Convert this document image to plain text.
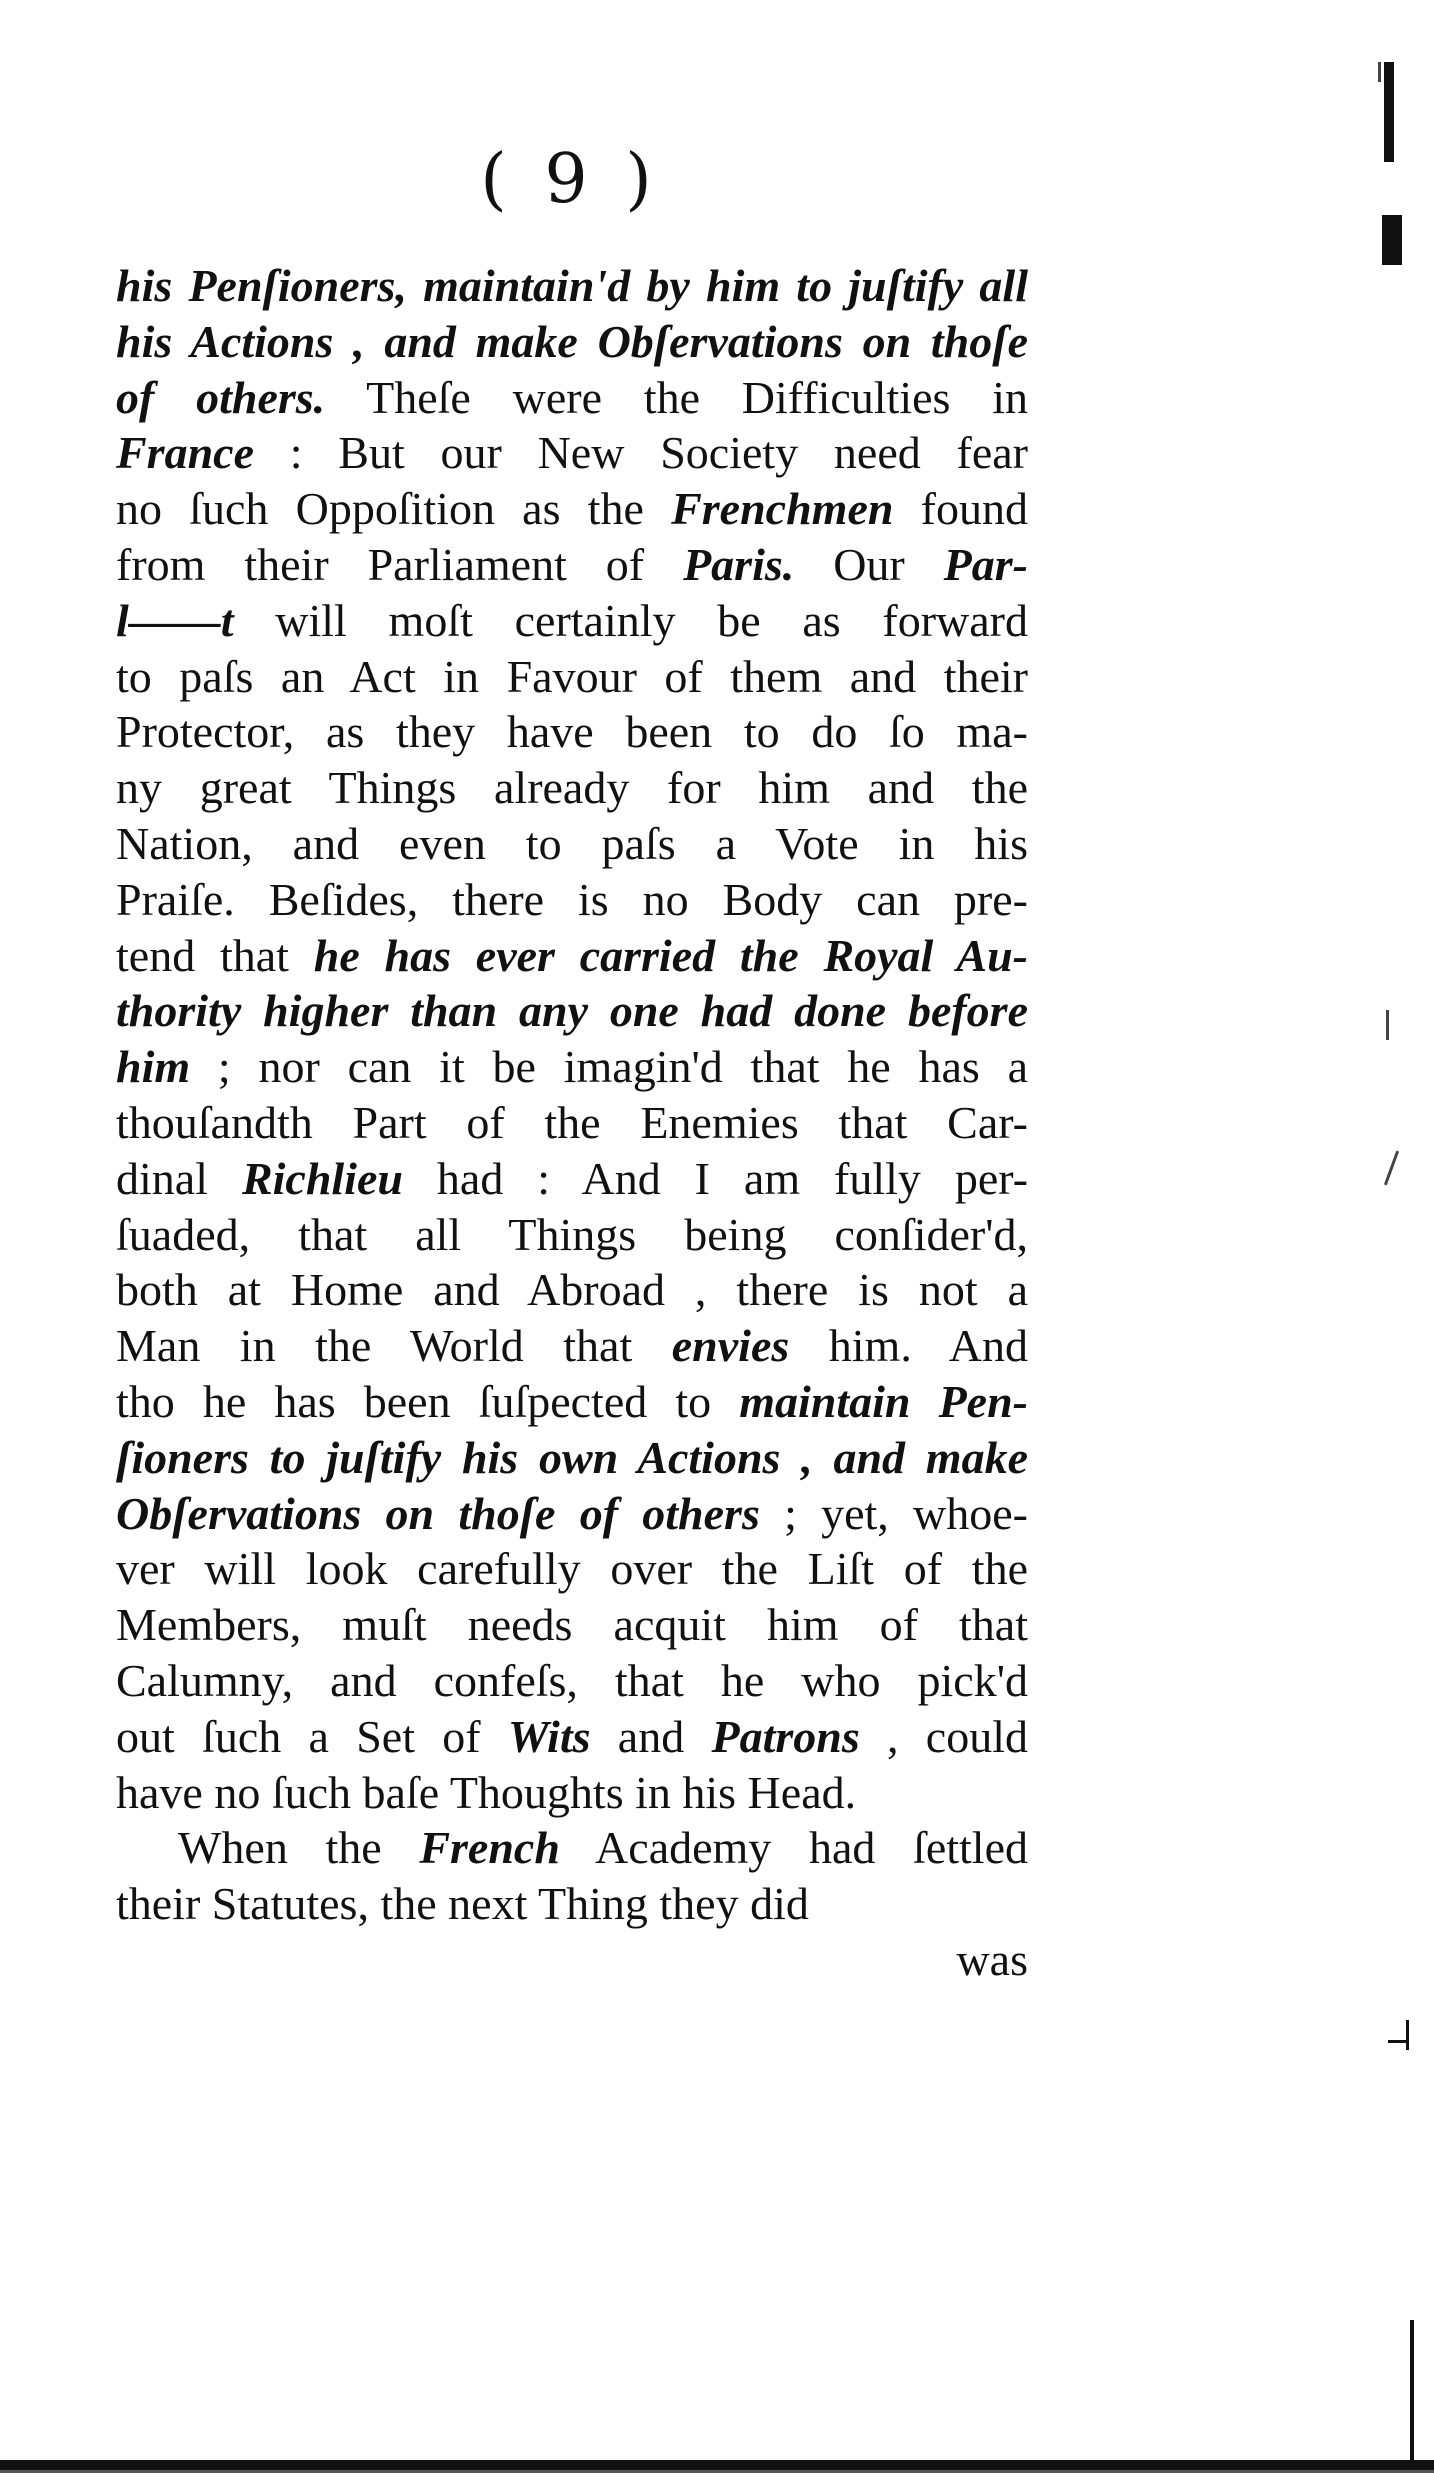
( 9 )
his Penſioners, maintain'd by him to juſtify all
his Actions , and make Obſervations on thoſe
of others. Theſe were the Difficulties in
France : But our New Society need fear
no ſuch Oppoſition as the Frenchmen found
from their Parliament of Paris. Our Par-
l——t will moſt certainly be as forward
to paſs an Act in Favour of them and their
Protector, as they have been to do ſo ma-
ny great Things already for him and the
Nation, and even to paſs a Vote in his
Praiſe. Beſides, there is no Body can pre-
tend that he has ever carried the Royal Au-
thority higher than any one had done before
him ; nor can it be imagin'd that he has a
thouſandth Part of the Enemies that Car-
dinal Richlieu had : And I am fully per-
ſuaded, that all Things being conſider'd,
both at Home and Abroad , there is not a
Man in the World that envies him. And
tho he has been ſuſpected to maintain Pen-
ſioners to juſtify his own Actions , and make
Obſervations on thoſe of others ; yet, whoe-
ver will look carefully over the Liſt of the
Members, muſt needs acquit him of that
Calumny, and confeſs, that he who pick'd
out ſuch a Set of Wits and Patrons , could
have no ſuch baſe Thoughts in his Head.
When the French Academy had ſettled
their Statutes, the next Thing they did
was
